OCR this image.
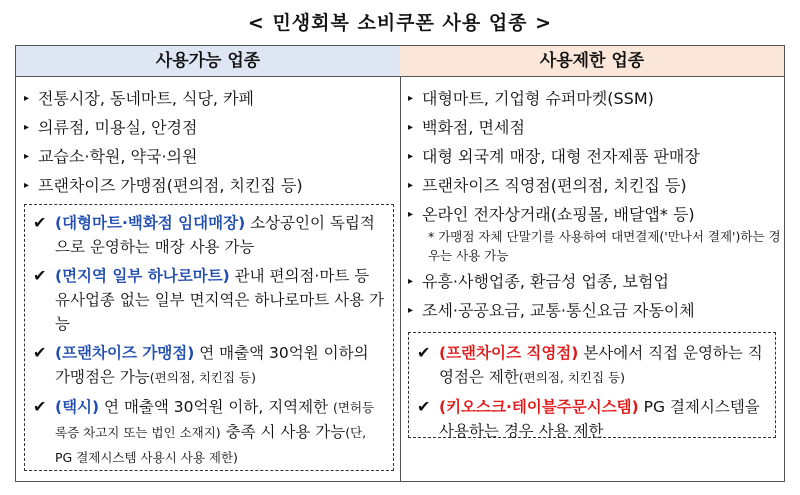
< 민생회복 소비쿠폰 사용 업종 >
사용가능 업종
▸ 전통시장, 동네마트, 식당, 카페
▸ 의류점, 미용실, 안경점
▸ 교습소·학원, 약국·의원
▸ 프랜차이즈 가맹점(편의점, 치킨집 등)
✔ (대형마트·백화점 임대매장) 소상공인이 독립적으로 운영하는 매장 사용 가능
✔ (면지역 일부 하나로마트) 관내 편의점·마트 등 유사업종 없는 일부 면지역은 하나로마트 사용 가능
✔ (프랜차이즈 가맹점) 연 매출액 30억원 이하의 가맹점은 가능(편의점, 치킨집 등)
✔ (택시) 연 매출액 30억원 이하, 지역제한 (면허등록증 차고지 또는 법인 소재지) 충족 시 사용 가능(단, PG 결제시스템 사용시 사용 제한)
사용제한 업종
▸ 대형마트, 기업형 슈퍼마켓(SSM)
▸ 백화점, 면세점
▸ 대형 외국계 매장, 대형 전자제품 판매장
▸ 프랜차이즈 직영점(편의점, 치킨집 등)
▸ 온라인 전자상거래(쇼핑몰, 배달앱* 등)
* 가맹점 자체 단말기를 사용하여 대면결제('만나서 결제')하는 경우는 사용 가능
▸ 유흥·사행업종, 환금성 업종, 보험업
▸ 조세·공공요금, 교통·통신요금 자동이체
✔ (프랜차이즈 직영점) 본사에서 직접 운영하는 직영점은 제한(편의점, 치킨집 등)
✔ (키오스크·테이블주문시스템) PG 결제시스템을 사용하는 경우 사용 제한
